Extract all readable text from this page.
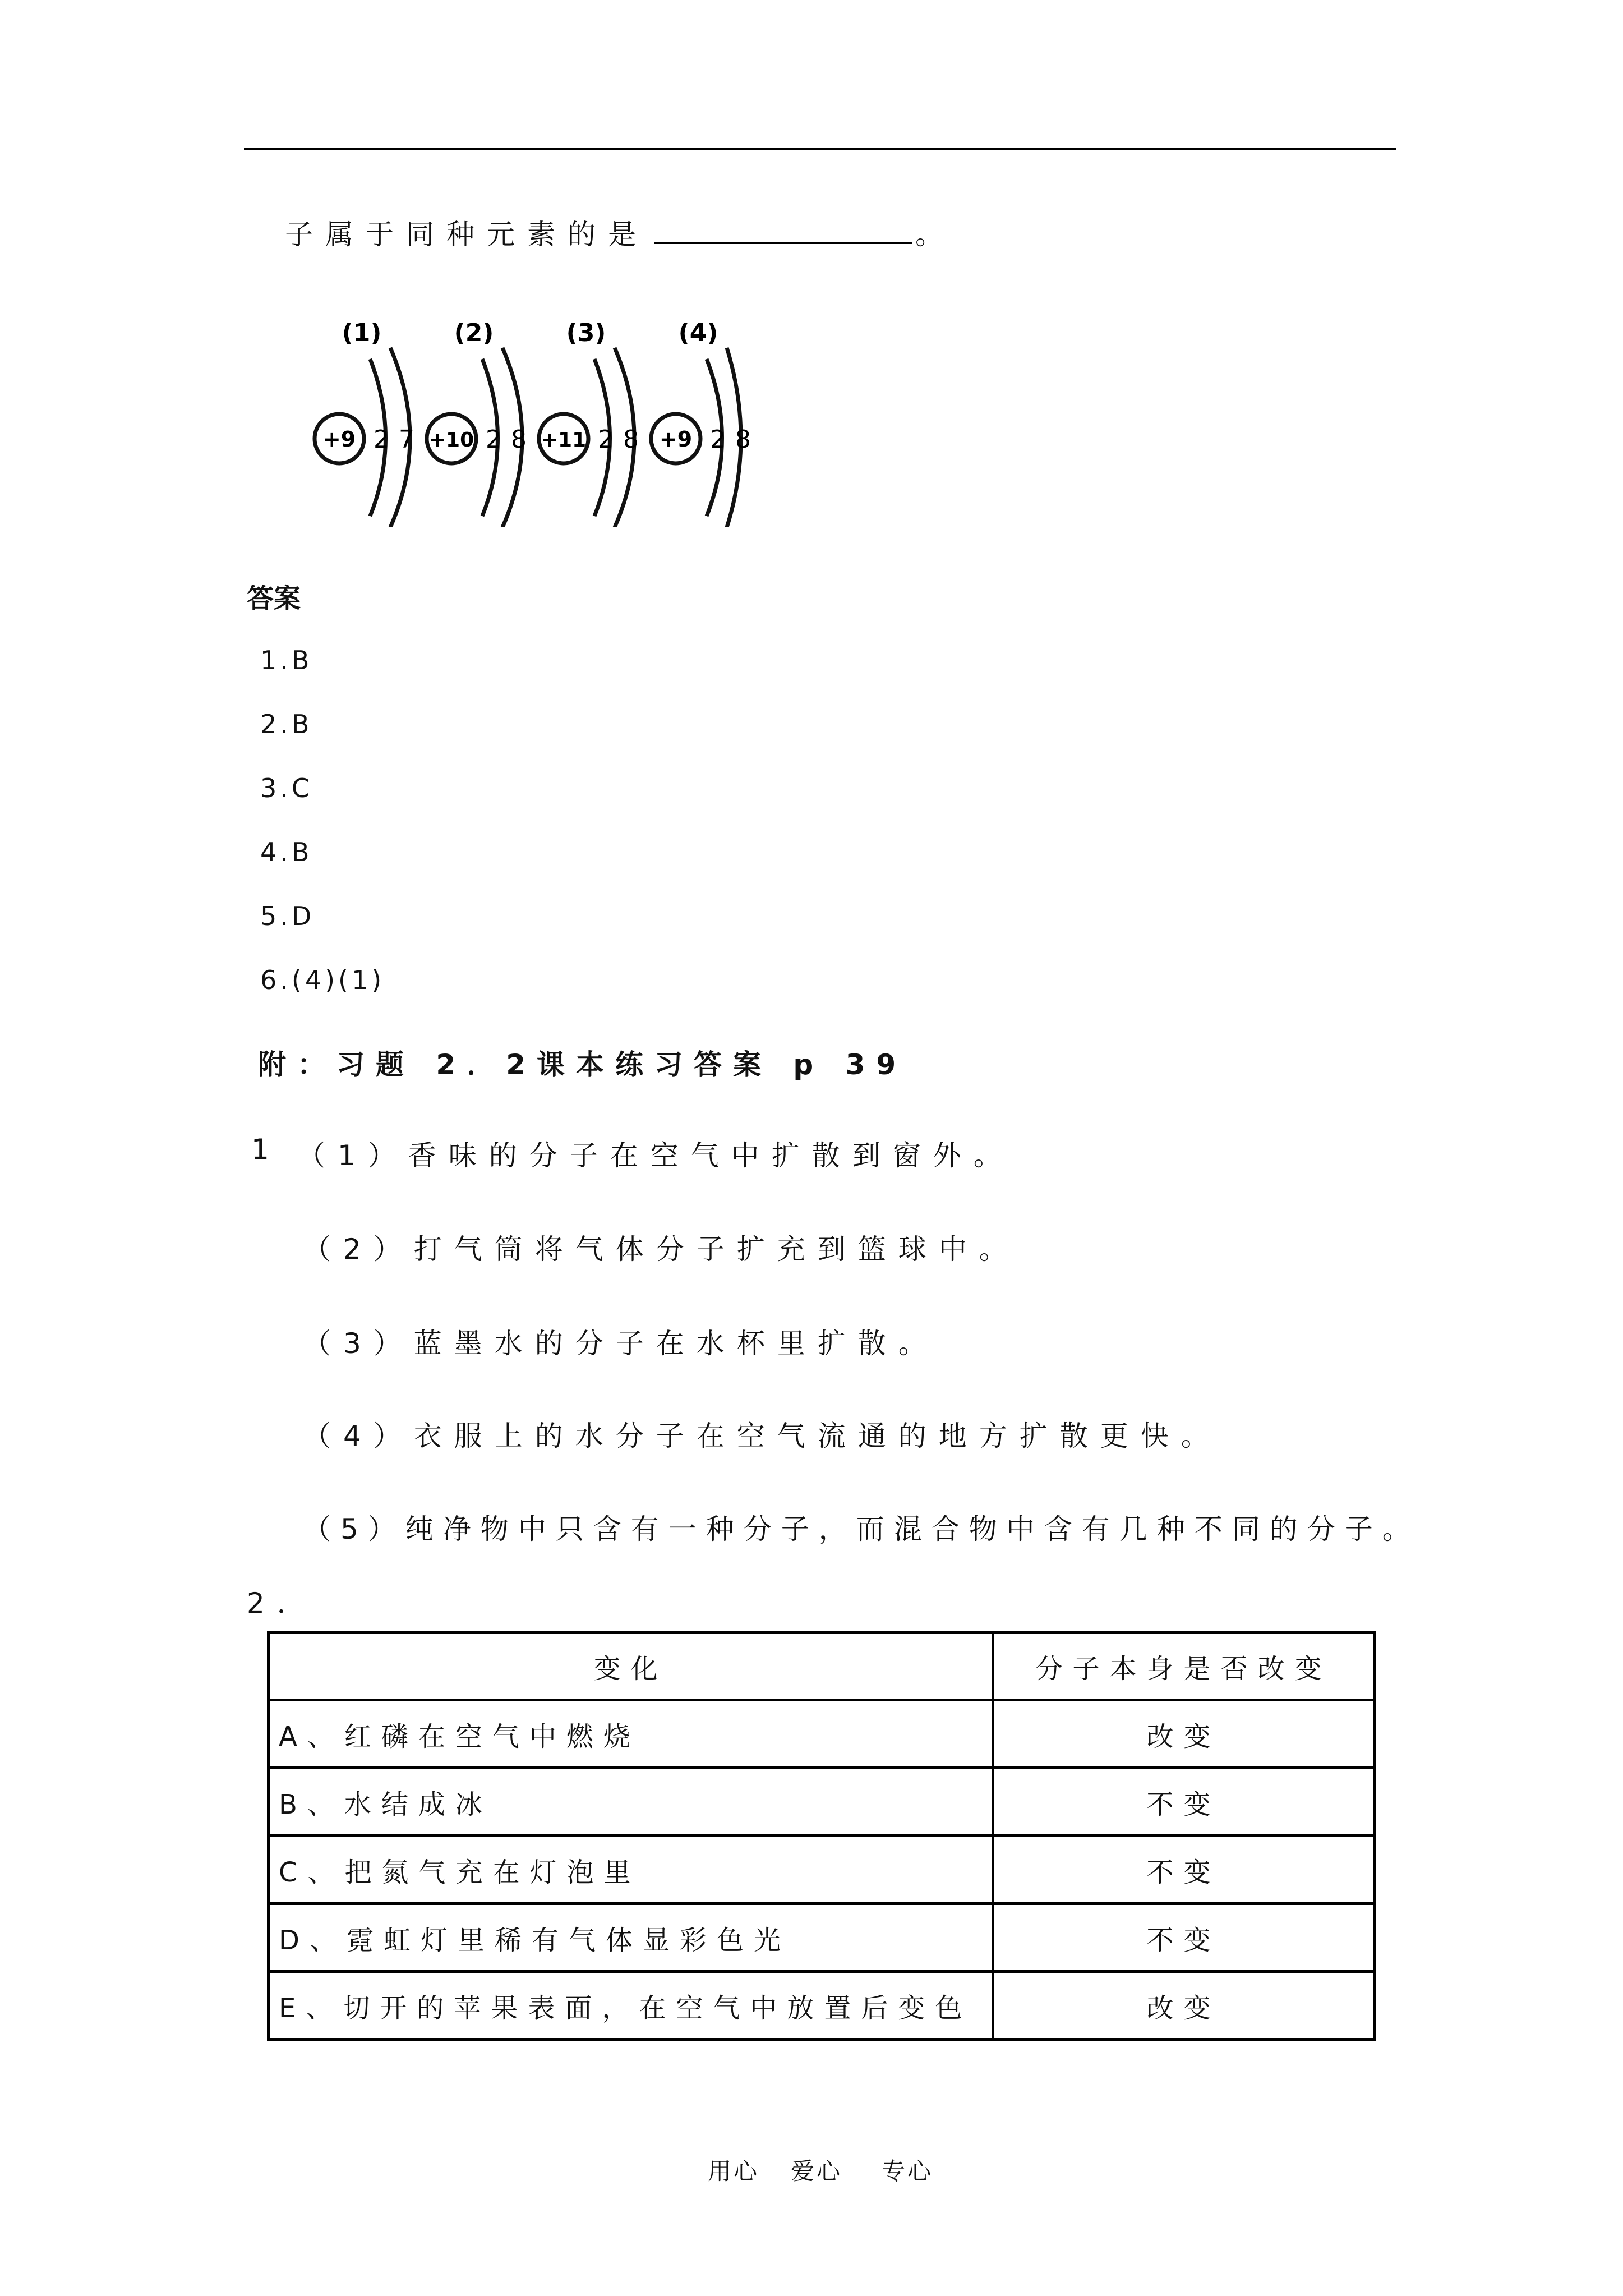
子属于同种元素的是	。
(1)
+9 2 7
(2)
+10 2 8
(3)
+11 2 8
(4)
+9 2 8
答案
1.B
2.B
3.C
4.B
5.D
6.(4)(1)
附：习题 2．2课本练习答案 p 39
1 （1）香味的分子在空气中扩散到窗外。
（2）打气筒将气体分子扩充到篮球中。
（3）蓝墨水的分子在水杯里扩散。
（4）衣服上的水分子在空气流通的地方扩散更快。
（5）纯净物中只含有一种分子，而混合物中含有几种不同的分子。
2．
变化	分子本身是否改变
A、红磷在空气中燃烧	改变
B、水结成冰	不变
C、把氮气充在灯泡里	不变
D、霓虹灯里稀有气体显彩色光	不变
E、切开的苹果表面，在空气中放置后变色	改变
用心 爱心 专心
